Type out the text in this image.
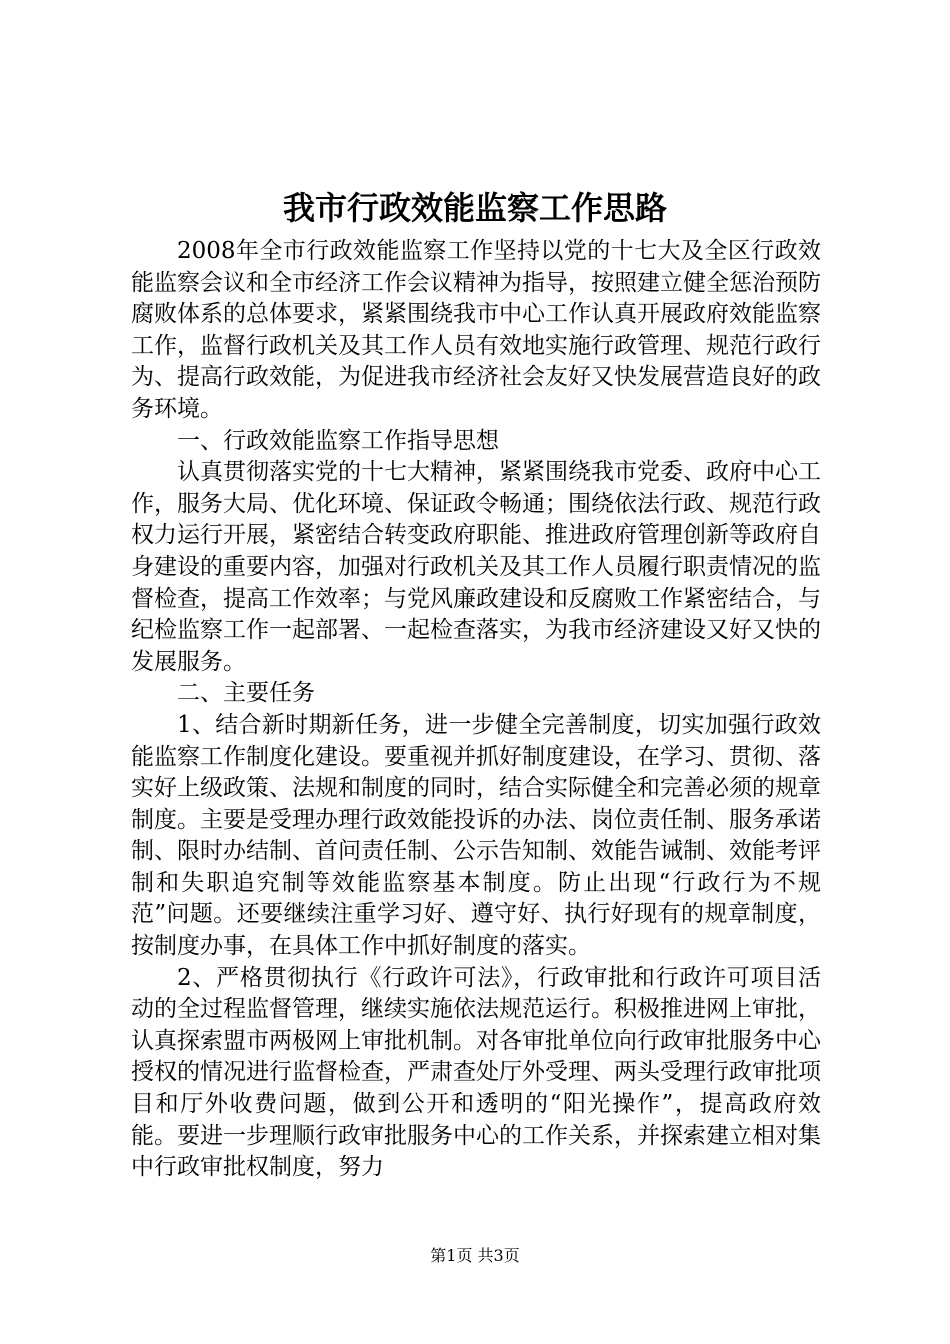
我市行政效能监察工作思路

2008年全市行政效能监察工作坚持以党的十七大及全区行政效能监察会议和全市经济工作会议精神为指导，按照建立健全惩治预防腐败体系的总体要求，紧紧围绕我市中心工作认真开展政府效能监察工作，监督行政机关及其工作人员有效地实施行政管理、规范行政行为、提高行政效能，为促进我市经济社会友好又快发展营造良好的政务环境。

一、行政效能监察工作指导思想

认真贯彻落实党的十七大精神，紧紧围绕我市党委、政府中心工作，服务大局、优化环境、保证政令畅通；围绕依法行政、规范行政权力运行开展，紧密结合转变政府职能、推进政府管理创新等政府自身建设的重要内容，加强对行政机关及其工作人员履行职责情况的监督检查，提高工作效率；与党风廉政建设和反腐败工作紧密结合，与纪检监察工作一起部署、一起检查落实，为我市经济建设又好又快的发展服务。

二、主要任务

1、结合新时期新任务，进一步健全完善制度，切实加强行政效能监察工作制度化建设。要重视并抓好制度建设，在学习、贯彻、落实好上级政策、法规和制度的同时，结合实际健全和完善必须的规章制度。主要是受理办理行政效能投诉的办法、岗位责任制、服务承诺制、限时办结制、首问责任制、公示告知制、效能告诫制、效能考评制和失职追究制等效能监察基本制度。防止出现“行政行为不规范”问题。还要继续注重学习好、遵守好、执行好现有的规章制度，按制度办事，在具体工作中抓好制度的落实。

2、严格贯彻执行《行政许可法》，行政审批和行政许可项目活动的全过程监督管理，继续实施依法规范运行。积极推进网上审批，认真探索盟市两极网上审批机制。对各审批单位向行政审批服务中心授权的情况进行监督检查，严肃查处厅外受理、两头受理行政审批项目和厅外收费问题，做到公开和透明的“阳光操作”，提高政府效能。要进一步理顺行政审批服务中心的工作关系，并探索建立相对集中行政审批权制度，努力

第1页 共3页
